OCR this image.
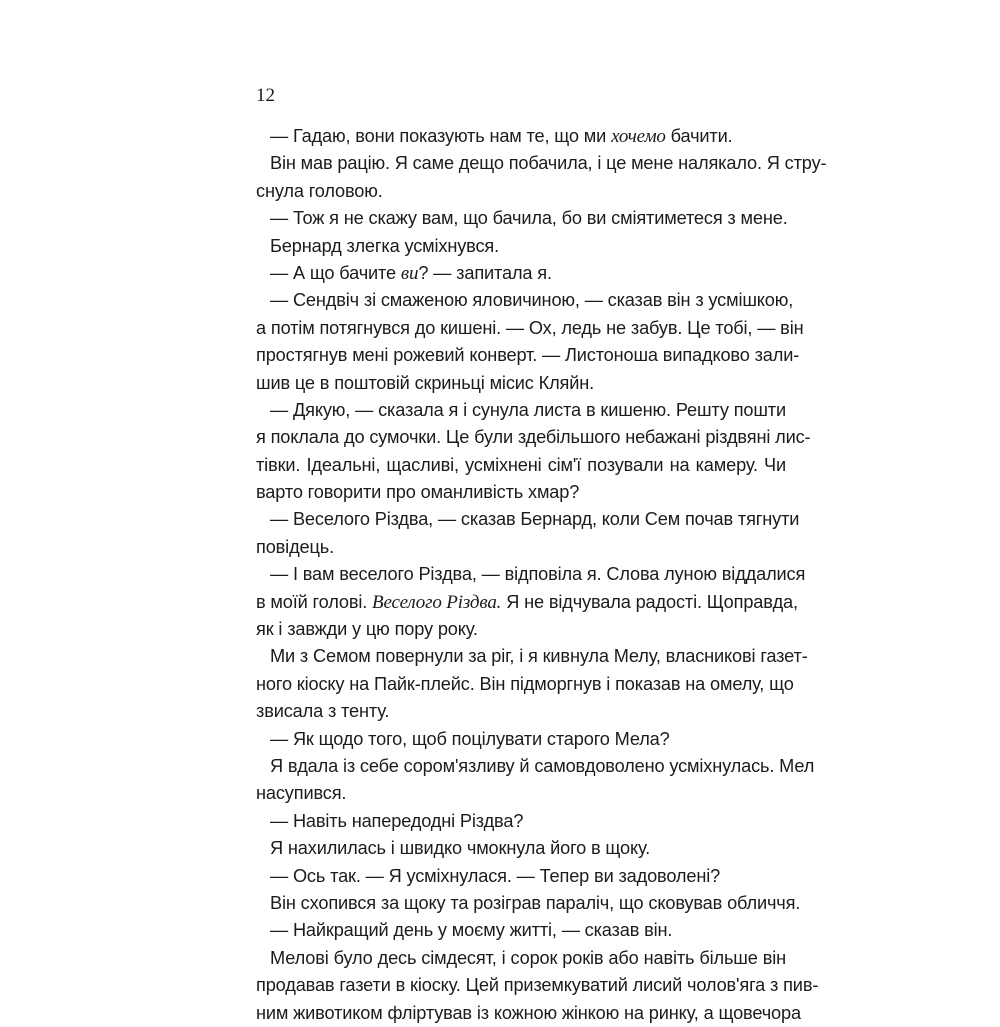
12
— Гадаю, вони показують нам те, що ми хочемо бачити.
Він мав рацію. Я саме дещо побачила, і це мене налякало. Я стру-
снула головою.
— Тож я не скажу вам, що бачила, бо ви сміятиметеся з мене.
Бернард злегка усміхнувся.
— А що бачите ви? — запитала я.
— Сендвіч зі смаженою яловичиною, — сказав він з усмішкою,
а потім потягнувся до кишені. — Ох, ледь не забув. Це тобі, — він
простягнув мені рожевий конверт. — Листоноша випадково зали-
шив це в поштовій скриньці місис Кляйн.
— Дякую, — сказала я і сунула листа в кишеню. Решту пошти
я поклала до сумочки. Це були здебільшого небажані різдвяні лис-
тівки. Ідеальні, щасливі, усміхнені сім'ї позували на камеру. Чи
варто говорити про оманливість хмар?
— Веселого Різдва, — сказав Бернард, коли Сем почав тягнути
повідець.
— І вам веселого Різдва, — відповіла я. Слова луною віддалися
в моїй голові. Веселого Різдва. Я не відчувала радості. Щоправда,
як і завжди у цю пору року.
Ми з Семом повернули за ріг, і я кивнула Мелу, власникові газет-
ного кіоску на Пайк-плейс. Він підморгнув і показав на омелу, що
звисала з тенту.
— Як щодо того, щоб поцілувати старого Мела?
Я вдала із себе сором'язливу й самовдоволено усміхнулась. Мел
насупився.
— Навіть напередодні Різдва?
Я нахилилась і швидко чмокнула його в щоку.
— Ось так. — Я усміхнулася. — Тепер ви задоволені?
Він схопився за щоку та розіграв параліч, що сковував обличчя.
— Найкращий день у моєму житті, — сказав він.
Мелові було десь сімдесят, і сорок років або навіть більше він
продавав газети в кіоску. Цей приземкуватий лисий чолов'яга з пив-
ним животиком фліртував із кожною жінкою на ринку, а щовечора
